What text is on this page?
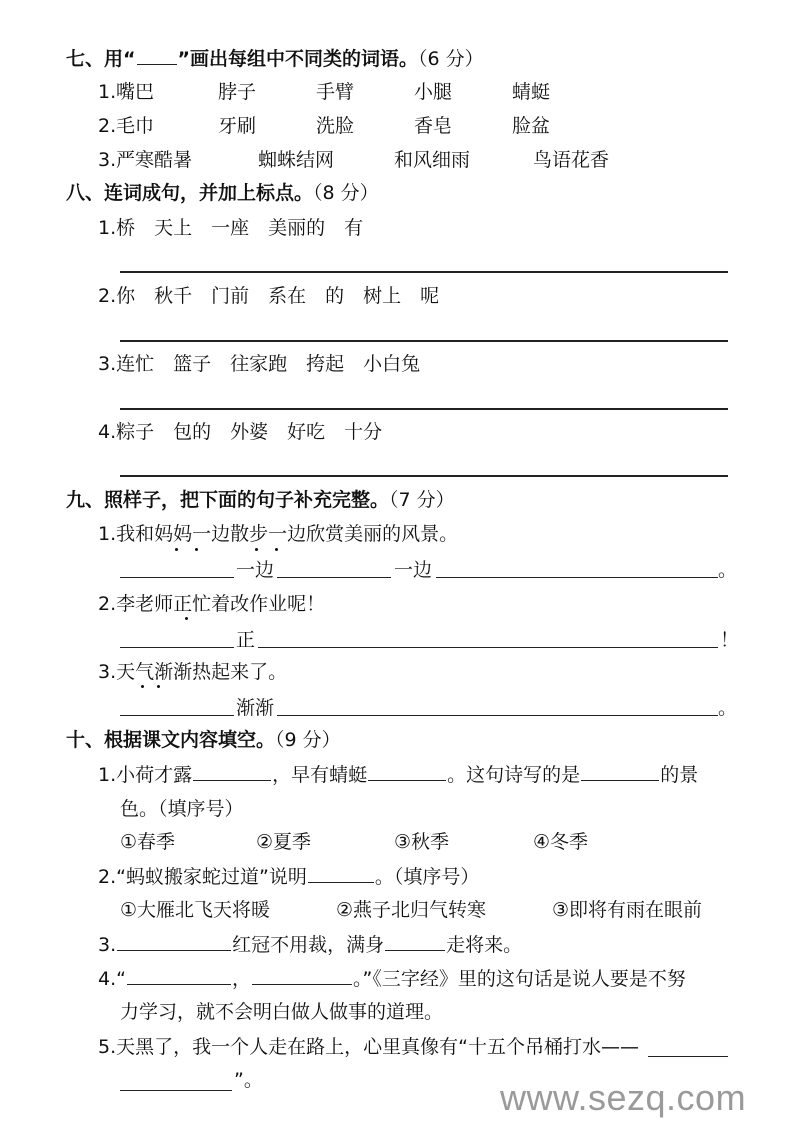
七、用“ ”画出每组中不同类的词语。（6 分）
1. 嘴巴	脖子	手臂	小腿	蜻蜓
2. 毛巾	牙刷	洗脸	香皂	脸盆
3. 严寒酷暑	蜘蛛结网	和风细雨	鸟语花香
八、连词成句，并加上标点。（8 分）
1.桥　天上　一座　美丽的　有
2.你　秋千　门前　系在　的　树上　呢
3.连忙　篮子　往家跑　挎起　小白兔
4.粽子　包的　外婆　好吃　十分
九、照样子，把下面的句子补充完整。（7 分）
1.我和妈妈一边散步一边欣赏美丽的风景。
一边	一边	。
2.李老师正忙着改作业呢！
正	！
3.天气渐渐热起来了。
渐渐	。
十、根据课文内容填空。（9 分）
1.小荷才露	，早有蜻蜓	。这句诗写的是	的景
色。（填序号）
①春季	②夏季	③秋季	④冬季
2.“蚂蚁搬家蛇过道”说明	。（填序号）
①大雁北飞天将暖	②燕子北归气转寒	③即将有雨在眼前
3.	红冠不用裁，满身	走将来。
4.“	，	。”《三字经》里的这句话是说人要是不努
力学习，就不会明白做人做事的道理。
5.天黑了，我一个人走在路上，心里真像有“十五个吊桶打水——
”。	www.sezq.com
